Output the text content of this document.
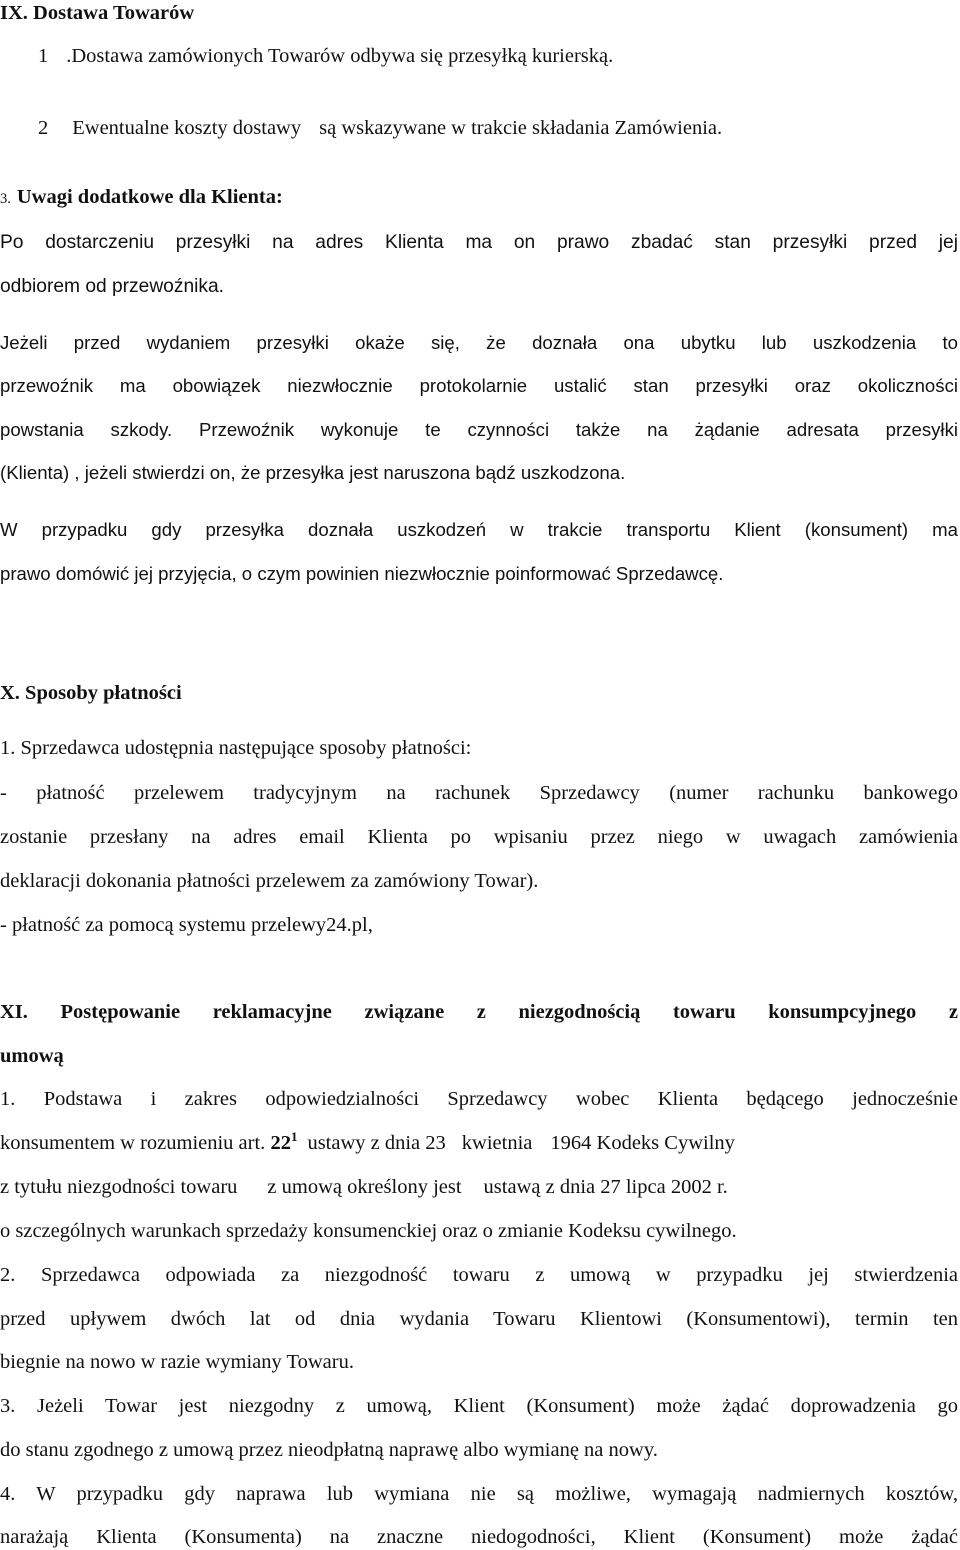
IX. Dostawa Towarów
1 .Dostawa zamówionych Towarów odbywa się przesyłką kurierską.
2 Ewentualne koszty dostawy są wskazywane w trakcie składania Zamówienia.
3. Uwagi dodatkowe dla Klienta:
Po dostarczeniu przesyłki na adres Klienta ma on prawo zbadać stan przesyłki przed jej
odbiorem od przewoźnika.
Jeżeli przed wydaniem przesyłki okaże się, że doznała ona ubytku lub uszkodzenia to
przewoźnik ma obowiązek niezwłocznie protokolarnie ustalić stan przesyłki oraz okoliczności
powstania szkody. Przewoźnik wykonuje te czynności także na żądanie adresata przesyłki
(Klienta) , jeżeli stwierdzi on, że przesyłka jest naruszona bądź uszkodzona.
W przypadku gdy przesyłka doznała uszkodzeń w trakcie transportu Klient (konsument) ma
prawo domówić jej przyjęcia, o czym powinien niezwłocznie poinformować Sprzedawcę.
X. Sposoby płatności
1. Sprzedawca udostępnia następujące sposoby płatności:
- płatność przelewem tradycyjnym na rachunek Sprzedawcy (numer rachunku bankowego
zostanie przesłany na adres email Klienta po wpisaniu przez niego w uwagach zamówienia
deklaracji dokonania płatności przelewem za zamówiony Towar).
- płatność za pomocą systemu przelewy24.pl,
XI. Postępowanie reklamacyjne związane z niezgodnością towaru konsumpcyjnego z
umową
1. Podstawa i zakres odpowiedzialności Sprzedawcy wobec Klienta będącego jednocześnie
konsumentem w rozumieniu art. $22^1$ ustawy z dnia 23 kwietnia 1964 Kodeks Cywilny
z tytułu niezgodności towaru z umową określony jest ustawą z dnia 27 lipca 2002 r.
o szczególnych warunkach sprzedaży konsumenckiej oraz o zmianie Kodeksu cywilnego.
2. Sprzedawca odpowiada za niezgodność towaru z umową w przypadku jej stwierdzenia
przed upływem dwóch lat od dnia wydania Towaru Klientowi (Konsumentowi), termin ten
biegnie na nowo w razie wymiany Towaru.
3. Jeżeli Towar jest niezgodny z umową, Klient (Konsument) może żądać doprowadzenia go
do stanu zgodnego z umową przez nieodpłatną naprawę albo wymianę na nowy.
4. W przypadku gdy naprawa lub wymiana nie są możliwe, wymagają nadmiernych kosztów,
narażają Klienta (Konsumenta) na znaczne niedogodności, Klient (Konsument) może żądać
